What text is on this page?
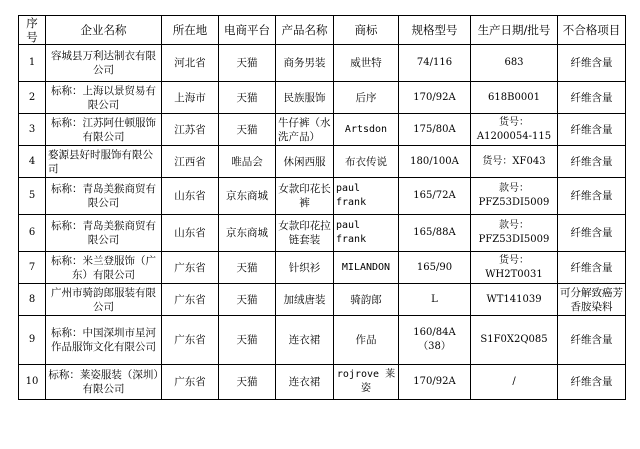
序号	企业名称	所在地	电商平台	产品名称	商标	规格型号	生产日期/批号	不合格项目
1	容城县万利达制衣有限公司	河北省	天猫	商务男装	威世特	74/116	683	纤维含量
2	标称：上海以景贸易有限公司	上海市	天猫	民族服饰	后序	170/92A	618B0001	纤维含量
3	标称：江苏阿仕顿服饰有限公司	江苏省	天猫	牛仔裤（水洗产品）	Artsdon	175/80A	货号：A1200054-115	纤维含量
4	婺源县好时服饰有限公司	江西省	唯品会	休闲西服	布衣传说	180/100A	货号：XF043	纤维含量
5	标称：青岛美猴商贸有限公司	山东省	京东商城	女款印花长裤	paul frank	165/72A	款号：PFZ53DI5009	纤维含量
6	标称：青岛美猴商贸有限公司	山东省	京东商城	女款印花拉链套装	paul frank	165/88A	款号：PFZ53DI5009	纤维含量
7	标称：米兰登服饰（广东）有限公司	广东省	天猫	针织衫	MILANDON	165/90	货号：WH2T0031	纤维含量
8	广州市骑韵郎服装有限公司	广东省	天猫	加绒唐装	骑韵郎	L	WT141039	可分解致癌芳香胺染料
9	标称：中国深圳市星河作品服饰文化有限公司	广东省	天猫	连衣裙	作品	160/84A（38）	S1F0X2Q085	纤维含量
10	标称：莱姿服装（深圳）有限公司	广东省	天猫	连衣裙	rojrove 莱姿	170/92A	/	纤维含量
